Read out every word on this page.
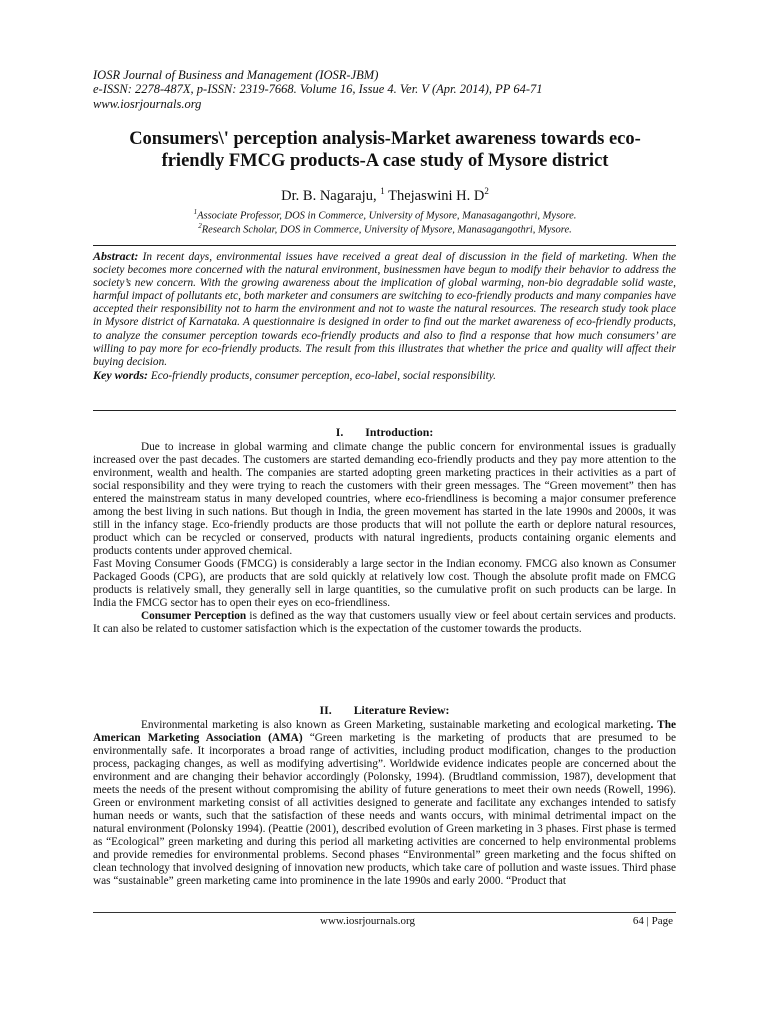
IOSR Journal of Business and Management (IOSR-JBM)
e-ISSN: 2278-487X, p-ISSN: 2319-7668. Volume 16, Issue 4. Ver. V (Apr. 2014), PP 64-71
www.iosrjournals.org
Consumers\' perception analysis-Market awareness towards eco-
friendly FMCG products-A case study of Mysore district
Dr. B. Nagaraju, $^1$ Thejaswini H. $D^2$
$^1$Associate Professor, DOS in Commerce, University of Mysore, Manasagangothri, Mysore.
$^2$Research Scholar, DOS in Commerce, University of Mysore, Manasagangothri, Mysore.
Abstract: In recent days, environmental issues have received a great deal of discussion in the field of marketing. When the society becomes more concerned with the natural environment, businessmen have begun to modify their behavior to address the society’s new concern. With the growing awareness about the implication of global warming, non-bio degradable solid waste, harmful impact of pollutants etc, both marketer and consumers are switching to eco-friendly products and many companies have accepted their responsibility not to harm the environment and not to waste the natural resources. The research study took place in Mysore district of Karnataka. A questionnaire is designed in order to find out the market awareness of eco-friendly products, to analyze the consumer perception towards eco-friendly products and also to find a response that how much consumers’ are willing to pay more for eco-friendly products. The result from this illustrates that whether the price and quality will affect their buying decision.
Key words: Eco-friendly products, consumer perception, eco-label, social responsibility.
I. Introduction:

Due to increase in global warming and climate change the public concern for environmental issues is gradually increased over the past decades. The customers are started demanding eco-friendly products and they pay more attention to the environment, wealth and health. The companies are started adopting green marketing practices in their activities as a part of social responsibility and they were trying to reach the customers with their green messages. The “Green movement” then has entered the mainstream status in many developed countries, where eco-friendliness is becoming a major consumer preference among the best living in such nations. But though in India, the green movement has started in the late 1990s and 2000s, it was still in the infancy stage. Eco-friendly products are those products that will not pollute the earth or deplore natural resources, product which can be recycled or conserved, products with natural ingredients, products containing organic elements and products contents under approved chemical.

Fast Moving Consumer Goods (FMCG) is considerably a large sector in the Indian economy. FMCG also known as Consumer Packaged Goods (CPG), are products that are sold quickly at relatively low cost. Though the absolute profit made on FMCG products is relatively small, they generally sell in large quantities, so the cumulative profit on such products can be large. In India the FMCG sector has to open their eyes on eco-friendliness.

Consumer Perception is defined as the way that customers usually view or feel about certain services and products. It can also be related to customer satisfaction which is the expectation of the customer towards the products.

II. Literature Review:

Environmental marketing is also known as Green Marketing, sustainable marketing and ecological marketing. The American Marketing Association (AMA) “Green marketing is the marketing of products that are presumed to be environmentally safe. It incorporates a broad range of activities, including product modification, changes to the production process, packaging changes, as well as modifying advertising”. Worldwide evidence indicates people are concerned about the environment and are changing their behavior accordingly (Polonsky, 1994). (Brudtland commission, 1987), development that meets the needs of the present without compromising the ability of future generations to meet their own needs (Rowell, 1996). Green or environment marketing consist of all activities designed to generate and facilitate any exchanges intended to satisfy human needs or wants, such that the satisfaction of these needs and wants occurs, with minimal detrimental impact on the natural environment (Polonsky 1994). (Peattie (2001), described evolution of Green marketing in 3 phases. First phase is termed as “Ecological” green marketing and during this period all marketing activities are concerned to help environmental problems and provide remedies for environmental problems. Second phases “Environmental” green marketing and the focus shifted on clean technology that involved designing of innovation new products, which take care of pollution and waste issues. Third phase was “sustainable” green marketing came into prominence in the late 1990s and early 2000. “Product that

www.iosrjournals.org	64 | Page
